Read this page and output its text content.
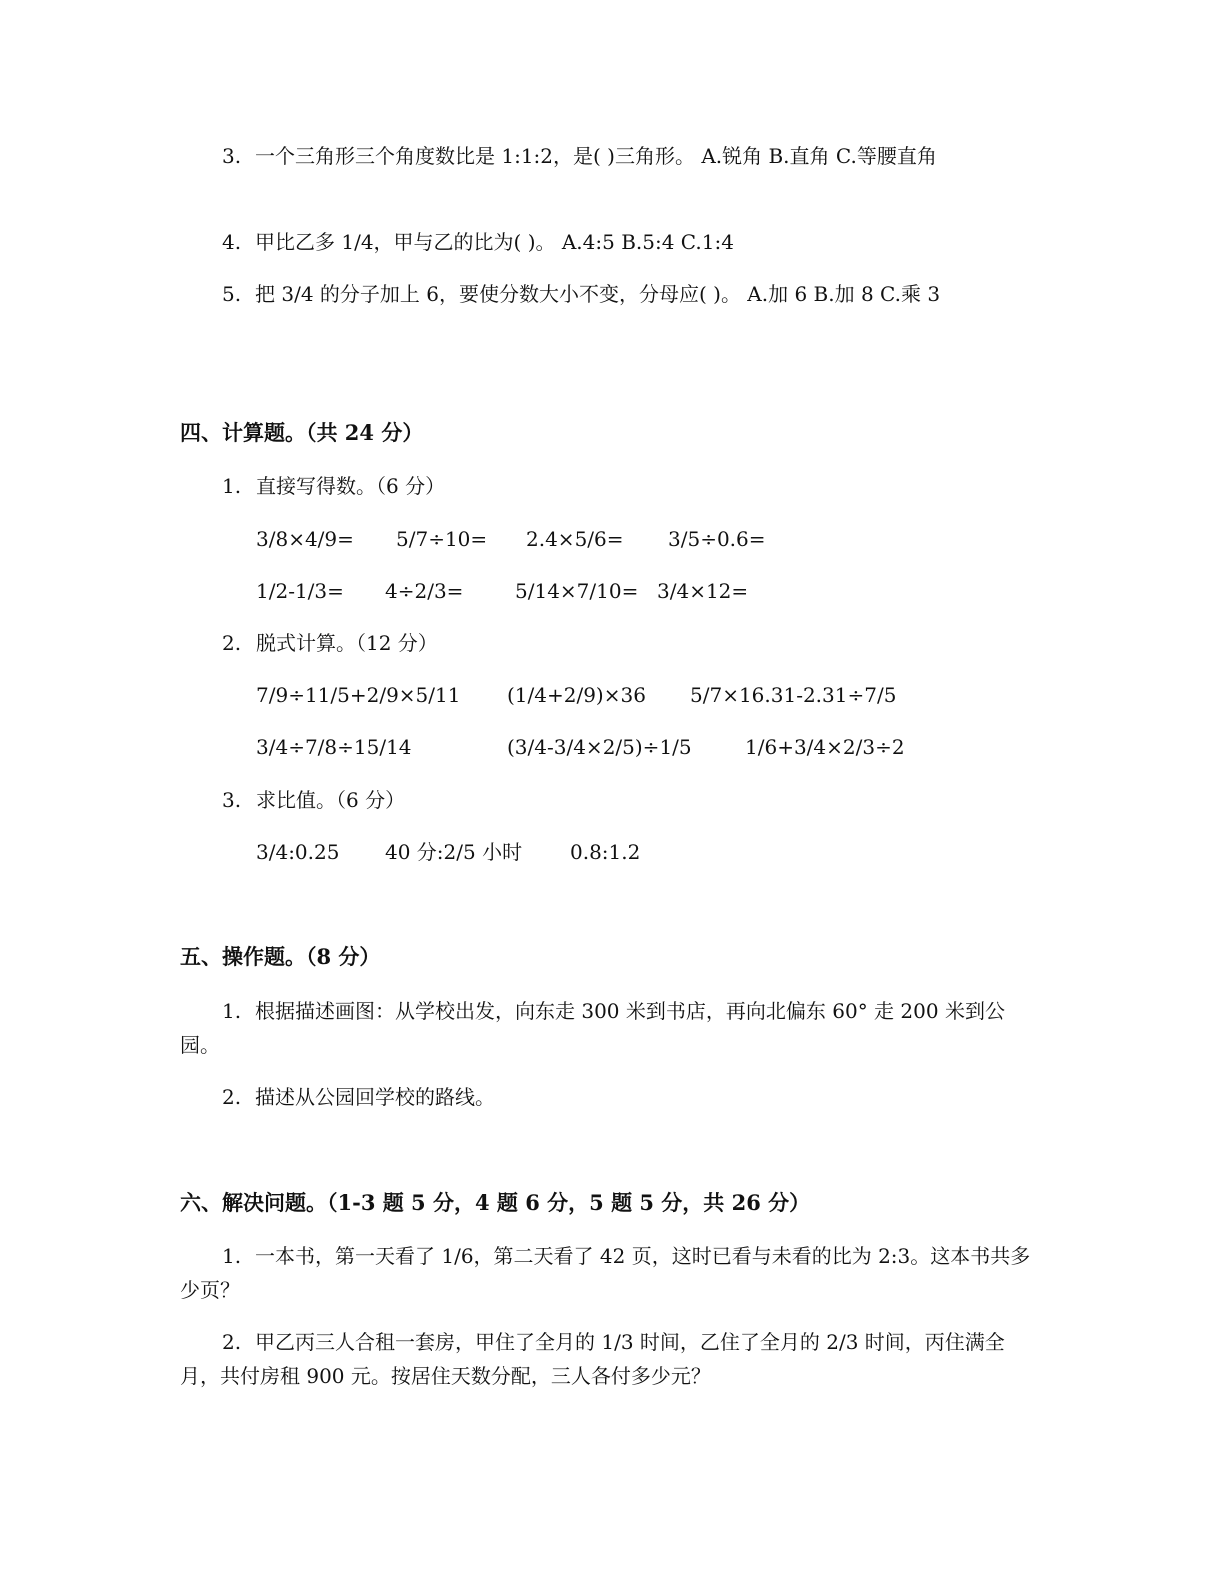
3. 一个三角形三个角度数比是 1:1:2，是( )三角形。 A.锐角 B.直角 C.等腰直角
4. 甲比乙多 1/4，甲与乙的比为( )。 A.4:5 B.5:4 C.1:4
5. 把 3/4 的分子加上 6，要使分数大小不变，分母应( )。 A.加 6 B.加 8 C.乘 3
四、计算题。（共 24 分）
1. 直接写得数。（6 分）
3/8×4/9= 5/7÷10= 2.4×5/6= 3/5÷0.6=
1/2-1/3= 4÷2/3=	5/14×7/10= 3/4×12=
2. 脱式计算。（12 分）
7/9÷11/5+2/9×5/11 (1/4+2/9)×36 5/7×16.31-2.31÷7/5
3/4÷7/8÷15/14	(3/4-3/4×2/5)÷1/5	1/6+3/4×2/3÷2
3. 求比值。（6 分）
3/4:0.25 40 分:2/5 小时 0.8:1.2
五、操作题。（8 分）
1. 根据描述画图：从学校出发，向东走 300 米到书店，再向北偏东 60° 走 200 米到公园。
2. 描述从公园回学校的路线。
六、解决问题。（1-3 题 5 分，4 题 6 分，5 题 5 分，共 26 分）
1. 一本书，第一天看了 1/6，第二天看了 42 页，这时已看与未看的比为 2:3。这本书共多少页？
2. 甲乙丙三人合租一套房，甲住了全月的 1/3 时间，乙住了全月的 2/3 时间，丙住满全月，共付房租 900 元。按居住天数分配，三人各付多少元？
